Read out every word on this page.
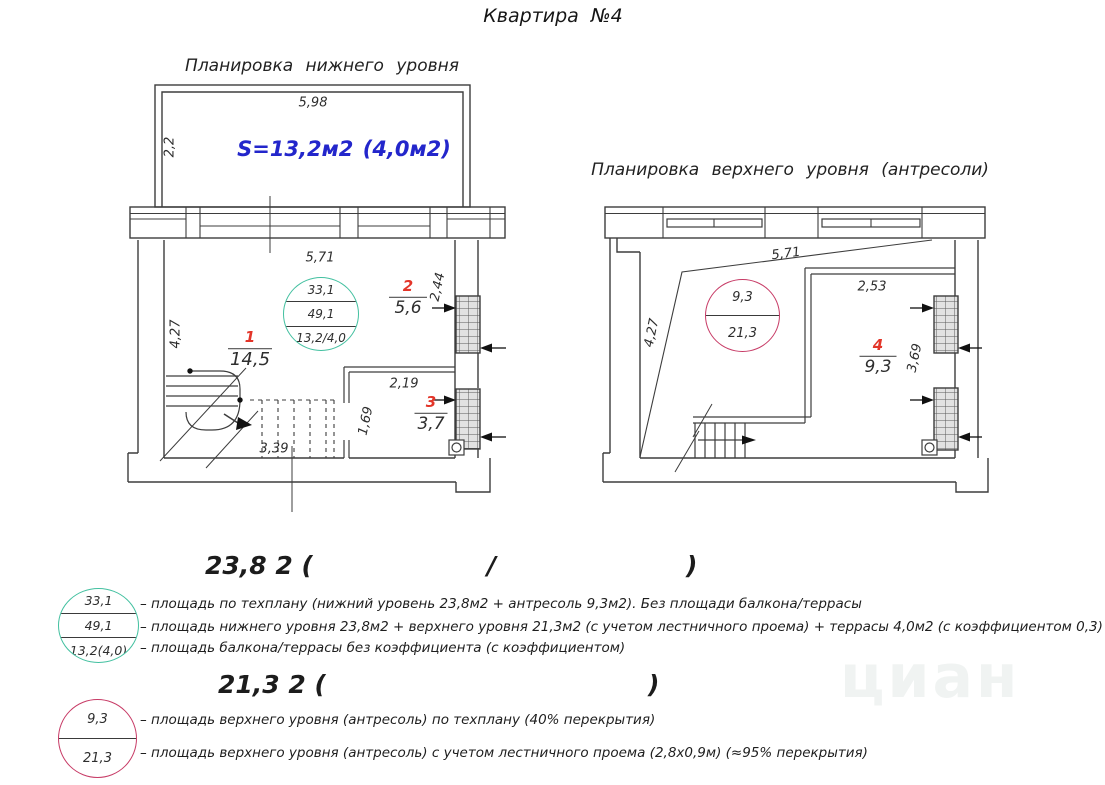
циан
Квартира №4
Планировка нижнего уровня
5,98
2,2	S=13,2м2 (4,0м2)
5,71
4,27
2,44
2,19
1,69
3,39
1
14,5
2
5,6
3
3,7
33,1
49,1
13,2/4,0
Планировка верхнего уровня (антресоли)
5,71
4,27
2,53
3,69
4
9,3
9,3
21,3
23,8 2 (	/	)
33,1
49,1
13,2(4,0)
– площадь по техплану (нижний уровень 23,8м2 + антресоль 9,3м2). Без площади балкона/террасы
– площадь нижнего уровня 23,8м2 + верхнего уровня 21,3м2 (с учетом лестничного проема) + террасы 4,0м2 (с коэффициентом 0,3)
– площадь балкона/террасы без коэффициента (с коэффициентом)
21,3 2 (	)
9,3
21,3
– площадь верхнего уровня (антресоль) по техплану (40% перекрытия)
– площадь верхнего уровня (антресоль) с учетом лестничного проема (2,8х0,9м) (≈95% перекрытия)
